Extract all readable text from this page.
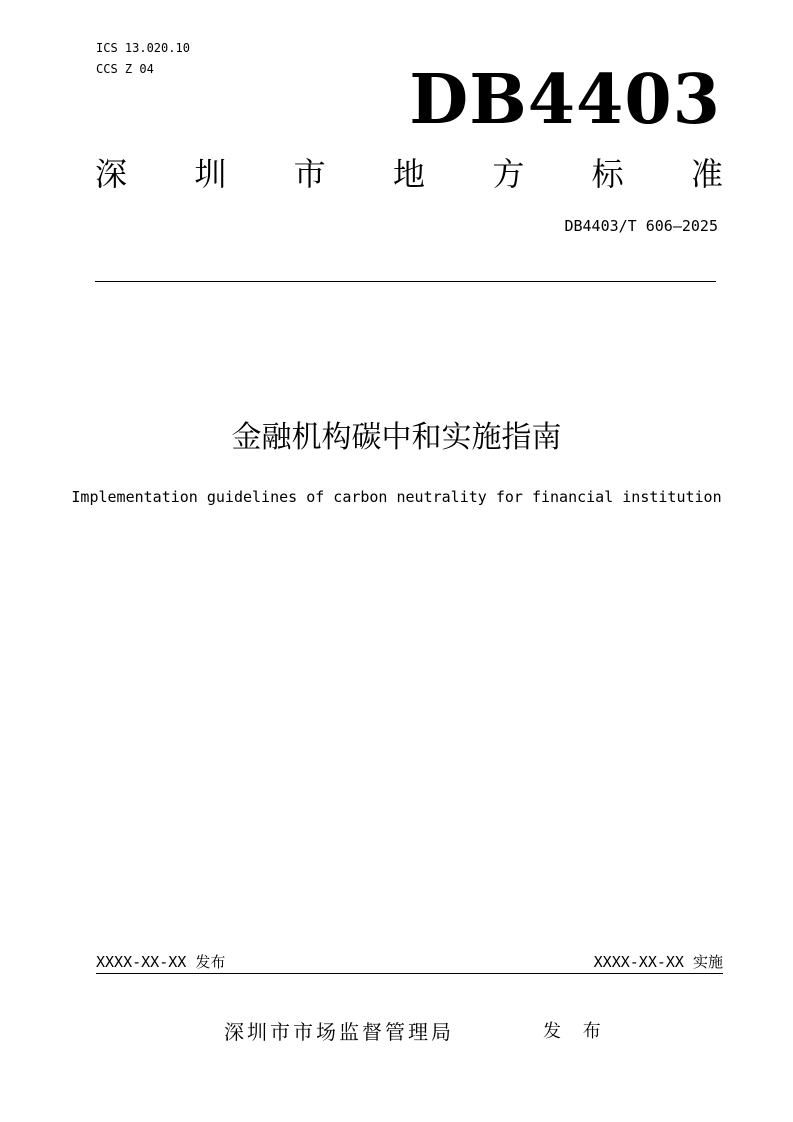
ICS 13.020.10
CCS Z 04	DB4403
深 圳 市 地 方 标 准
DB4403/T 606—2025
金融机构碳中和实施指南
Implementation guidelines of carbon neutrality for financial institution
XXXX-XX-XX 发布	XXXX-XX-XX 实施
深圳市市场监督管理局	发 布
